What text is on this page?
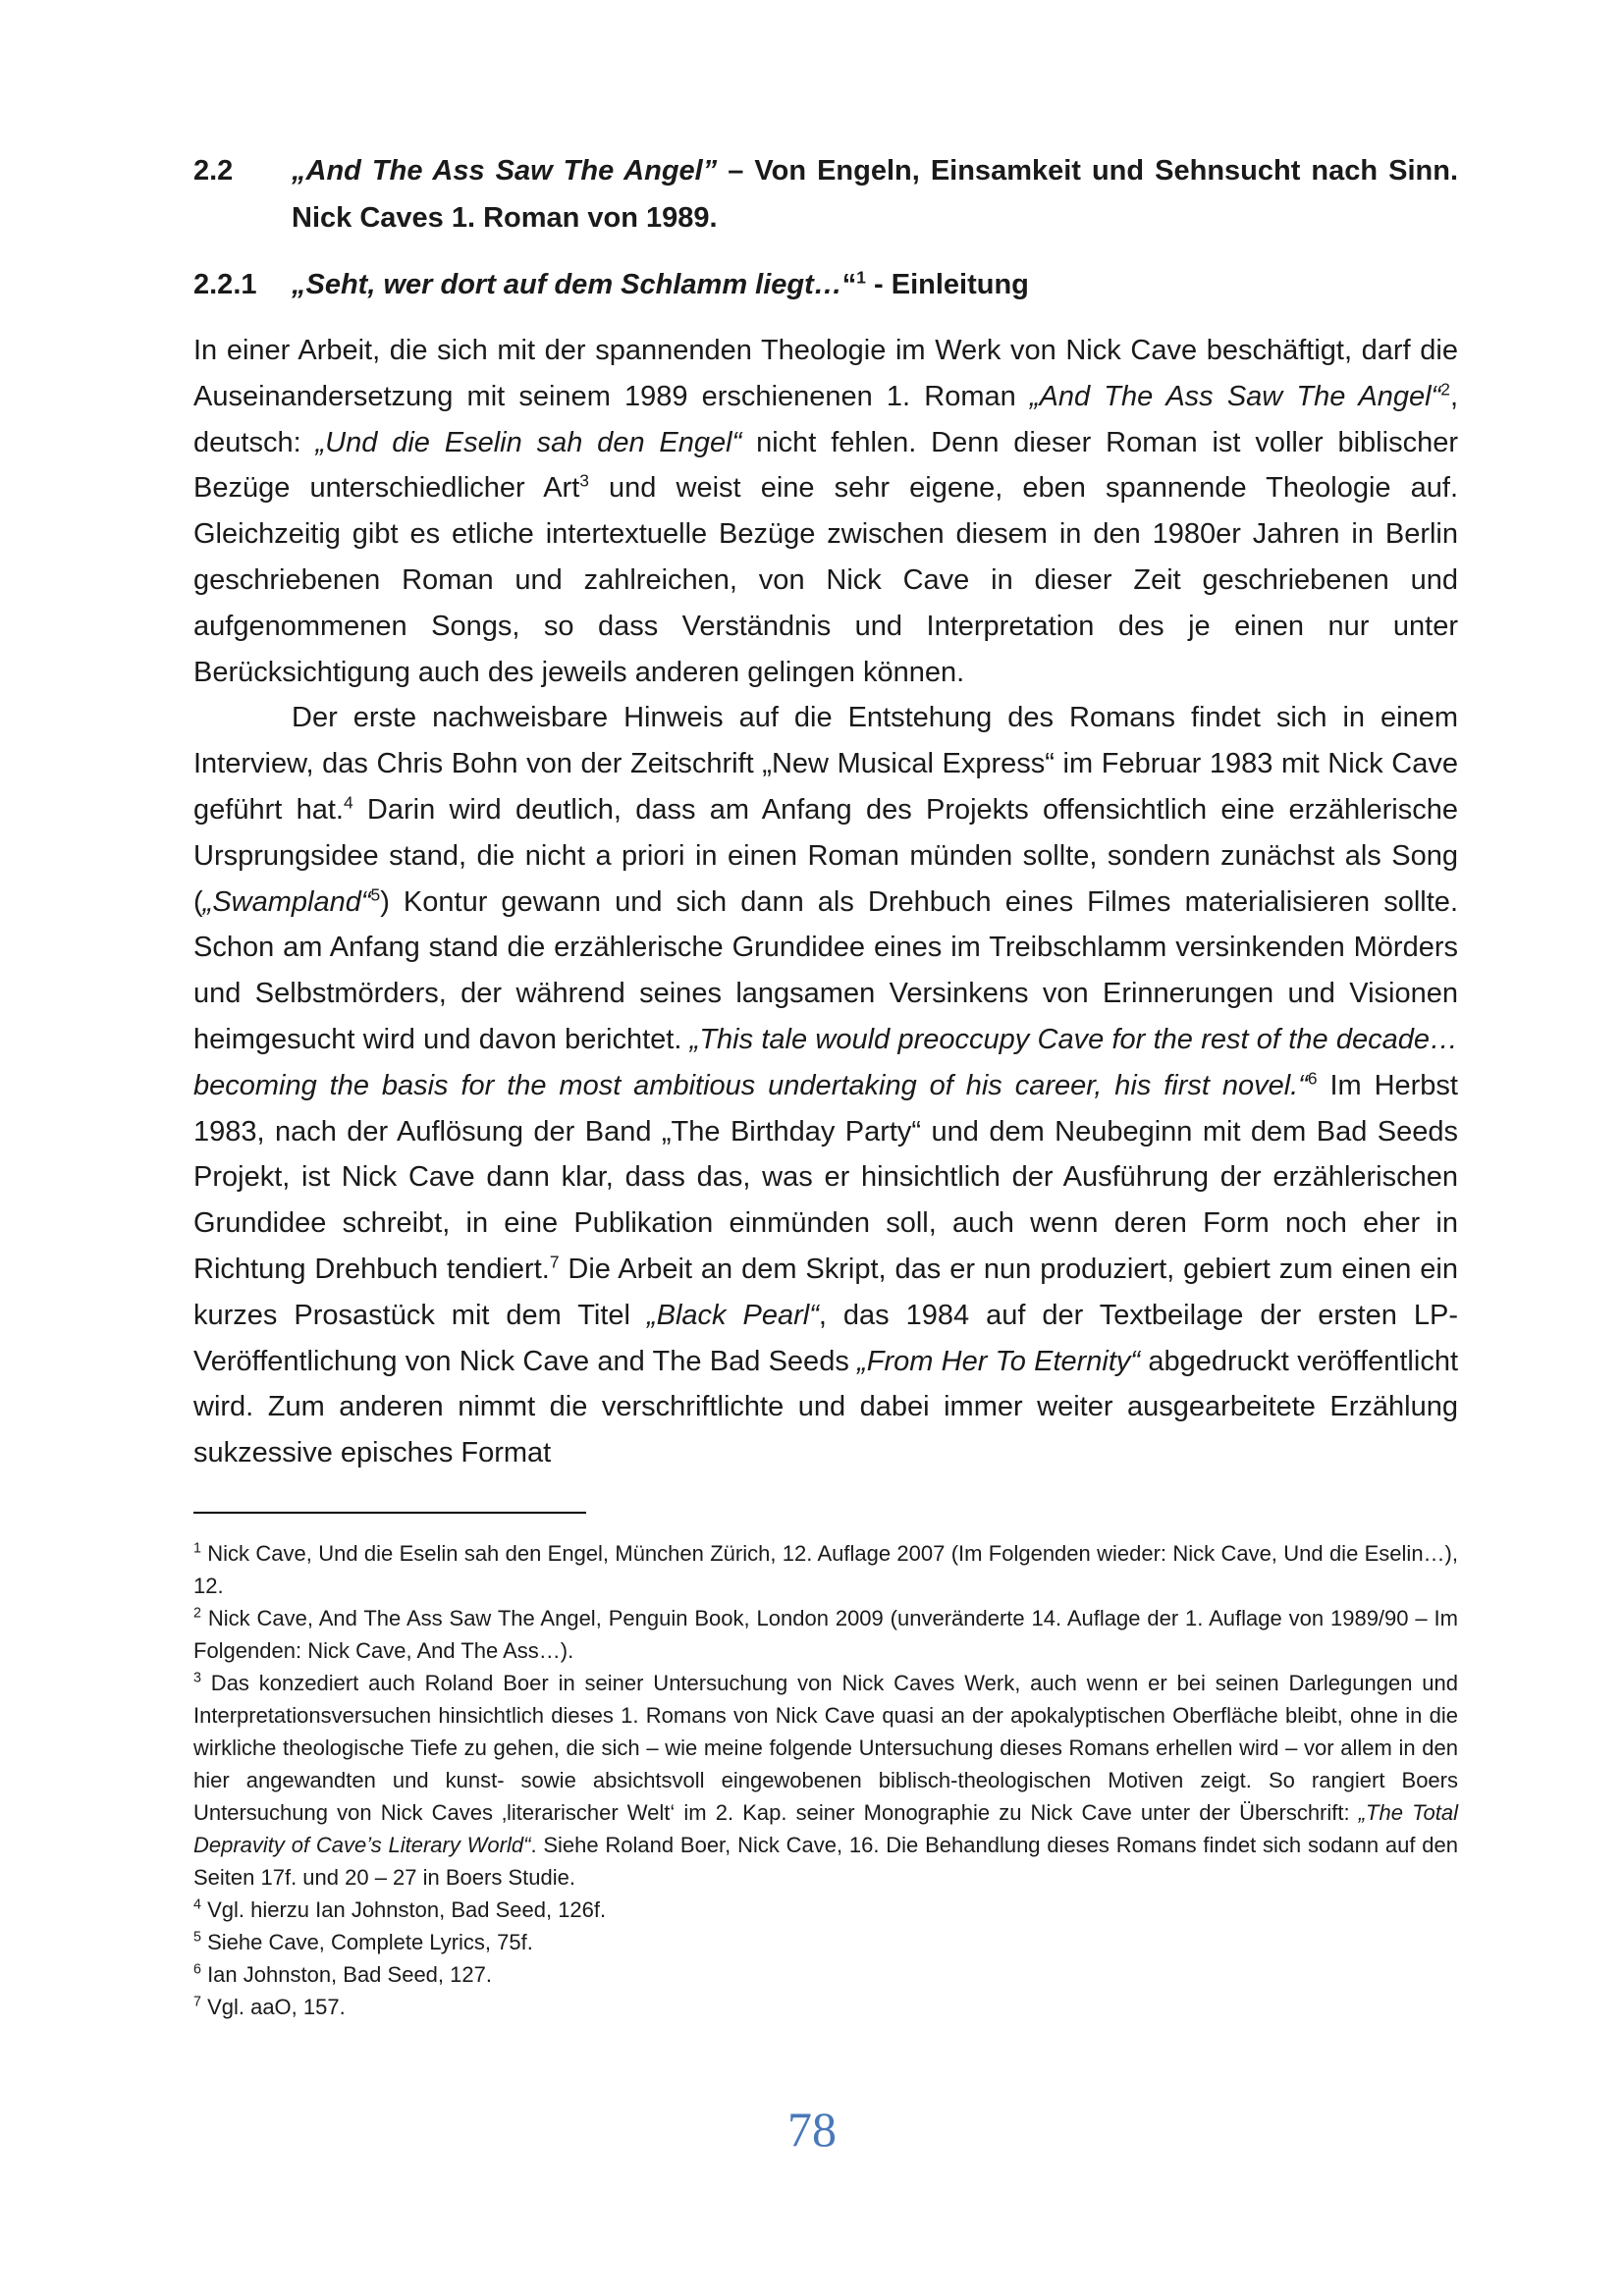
2.2	„And The Ass Saw The Angel” – Von Engeln, Einsamkeit und Sehnsucht nach Sinn. Nick Caves 1. Roman von 1989.
2.2.1	„Seht, wer dort auf dem Schlamm liegt…“$^1$ - Einleitung

In einer Arbeit, die sich mit der spannenden Theologie im Werk von Nick Cave beschäftigt, darf die Auseinandersetzung mit seinem 1989 erschienenen 1. Roman „And The Ass Saw The Angel“$^2$, deutsch: „Und die Eselin sah den Engel“ nicht fehlen. Denn dieser Roman ist voller biblischer Bezüge unterschiedlicher Art$^3$ und weist eine sehr eigene, eben spannende Theologie auf. Gleichzeitig gibt es etliche intertextuelle Bezüge zwischen diesem in den 1980er Jahren in Berlin geschriebenen Roman und zahlreichen, von Nick Cave in dieser Zeit geschriebenen und aufgenommenen Songs, so dass Verständnis und Interpretation des je einen nur unter Berücksichtigung auch des jeweils anderen gelingen können.

Der erste nachweisbare Hinweis auf die Entstehung des Romans findet sich in einem Interview, das Chris Bohn von der Zeitschrift „New Musical Express“ im Februar 1983 mit Nick Cave geführt hat.$^4$ Darin wird deutlich, dass am Anfang des Projekts offensichtlich eine erzählerische Ursprungsidee stand, die nicht a priori in einen Roman münden sollte, sondern zunächst als Song („Swampland“$^5$) Kontur gewann und sich dann als Drehbuch eines Filmes materialisieren sollte. Schon am Anfang stand die erzählerische Grundidee eines im Treibschlamm versinkenden Mörders und Selbstmörders, der während seines langsamen Versinkens von Erinnerungen und Visionen heimgesucht wird und davon berichtet. „This tale would preoccupy Cave for the rest of the decade… becoming the basis for the most ambitious undertaking of his career, his first novel.“$^6$ Im Herbst 1983, nach der Auflösung der Band „The Birthday Party“ und dem Neubeginn mit dem Bad Seeds Projekt, ist Nick Cave dann klar, dass das, was er hinsichtlich der Ausführung der erzählerischen Grundidee schreibt, in eine Publikation einmünden soll, auch wenn deren Form noch eher in Richtung Drehbuch tendiert.$^7$ Die Arbeit an dem Skript, das er nun produziert, gebiert zum einen ein kurzes Prosastück mit dem Titel „Black Pearl“, das 1984 auf der Textbeilage der ersten LP-Veröffentlichung von Nick Cave and The Bad Seeds „From Her To Eternity“ abgedruckt veröffentlicht wird. Zum anderen nimmt die verschriftlichte und dabei immer weiter ausgearbeitete Erzählung sukzessive episches Format

$^1$ Nick Cave, Und die Eselin sah den Engel, München Zürich, 12. Auflage 2007 (Im Folgenden wieder: Nick Cave, Und die Eselin…), 12.

$^2$ Nick Cave, And The Ass Saw The Angel, Penguin Book, London 2009 (unveränderte 14. Auflage der 1. Auflage von 1989/90 – Im Folgenden: Nick Cave, And The Ass…).

$^3$ Das konzediert auch Roland Boer in seiner Untersuchung von Nick Caves Werk, auch wenn er bei seinen Darlegungen und Interpretationsversuchen hinsichtlich dieses 1. Romans von Nick Cave quasi an der apokalyptischen Oberfläche bleibt, ohne in die wirkliche theologische Tiefe zu gehen, die sich – wie meine folgende Untersuchung dieses Romans erhellen wird – vor allem in den hier angewandten und kunst- sowie absichtsvoll eingewobenen biblisch-theologischen Motiven zeigt. So rangiert Boers Untersuchung von Nick Caves ‚literarischer Welt‘ im 2. Kap. seiner Monographie zu Nick Cave unter der Überschrift: „The Total Depravity of Cave’s Literary World“. Siehe Roland Boer, Nick Cave, 16. Die Behandlung dieses Romans findet sich sodann auf den Seiten 17f. und 20 – 27 in Boers Studie.

$^4$ Vgl. hierzu Ian Johnston, Bad Seed, 126f.

$^5$ Siehe Cave, Complete Lyrics, 75f.

$^6$ Ian Johnston, Bad Seed, 127.

$^7$ Vgl. aaO, 157.

78
